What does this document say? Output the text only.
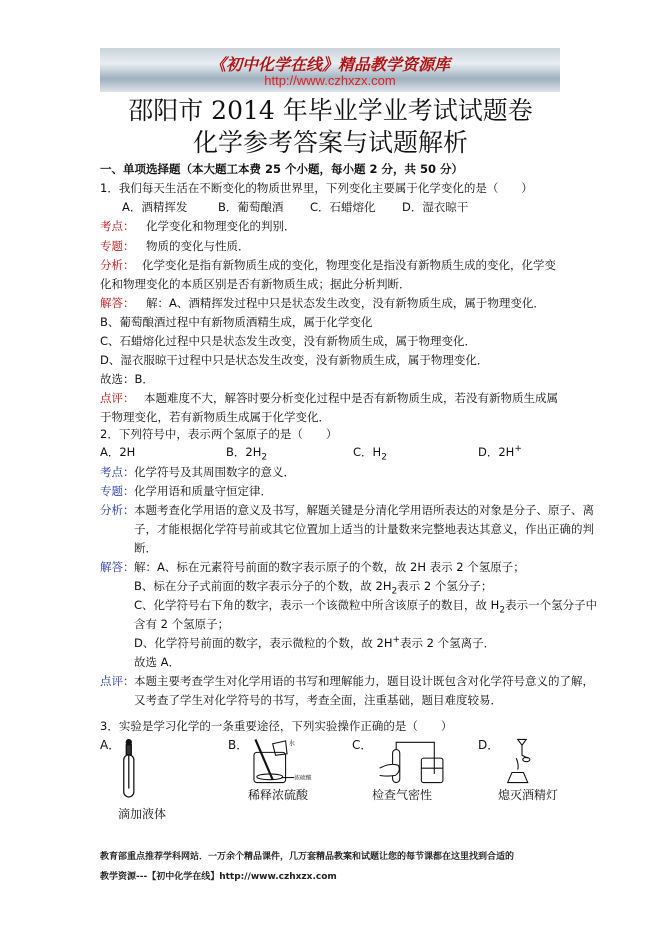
《初中化学在线》精品教学资源库
http://www.czhxzx.com
邵阳市 2014 年毕业学业考试试题卷
化学参考答案与试题解析
一、单项选择题（本大题工本费 25 个小题，每小题 2 分，共 50 分）
1．我们每天生活在不断变化的物质世界里，下列变化主要属于化学变化的是（　　）
A．酒精挥发	B．葡萄酿酒 C．石蜡熔化 D．湿衣晾干
考点： 化学变化和物理变化的判别．
专题： 物质的变化与性质．
分析： 化学变化是指有新物质生成的变化，物理变化是指没有新物质生成的变化，化学变
化和物理变化的本质区别是否有新物质生成；据此分析判断．
解答： 解：A、酒精挥发过程中只是状态发生改变，没有新物质生成，属于物理变化．
B、葡萄酿酒过程中有新物质酒精生成，属于化学变化
C、石蜡熔化过程中只是状态发生改变，没有新物质生成，属于物理变化．
D、湿衣服晾干过程中只是状态发生改变，没有新物质生成，属于物理变化．
故选：B．
点评： 本题难度不大，解答时要分析变化过程中是否有新物质生成，若没有新物质生成属
于物理变化，若有新物质生成属于化学变化．
2．下列符号中，表示两个氢原子的是（　　）
A．2H	B．$2H_2$	C．$H_2$	D．2H+
考点：化学符号及其周围数字的意义．
专题：化学用语和质量守恒定律．
分析：本题考查化学用语的意义及书写，解题关键是分清化学用语所表达的对象是分子、原子、离
子，才能根据化学符号前或其它位置加上适当的计量数来完整地表达其意义，作出正确的判
断．
解答：解：A、标在元素符号前面的数字表示原子的个数，故 2H 表示 2 个氢原子；
B、标在分子式前面的数字表示分子的个数，故 $2H_2$表示 2 个氢分子；
C、化学符号右下角的数字，表示一个该微粒中所含该原子的数目，故 $H_2$表示一个氢分子中
含有 2 个氢原子；
D、化学符号前面的数字，表示微粒的个数，故 2H+表示 2 个氢离子．
故选 A．
点评：本题主要考查学生对化学用语的书写和理解能力，题目设计既包含对化学符号意义的了解，
又考查了学生对化学符号的书写，考查全面，注重基础，题目难度较易．
3．实验是学习化学的一条重要途径，下列实验操作正确的是（　　）
A．	B．	C．	D．
水
浓硫酸
稀释浓硫酸	检查气密性	熄灭酒精灯
滴加液体
教育部重点推荐学科网站．一万余个精品课件，几万套精品教案和试题让您的每节课都在这里找到合适的
教学资源---【初中化学在线】http://www.czhxzx.com
